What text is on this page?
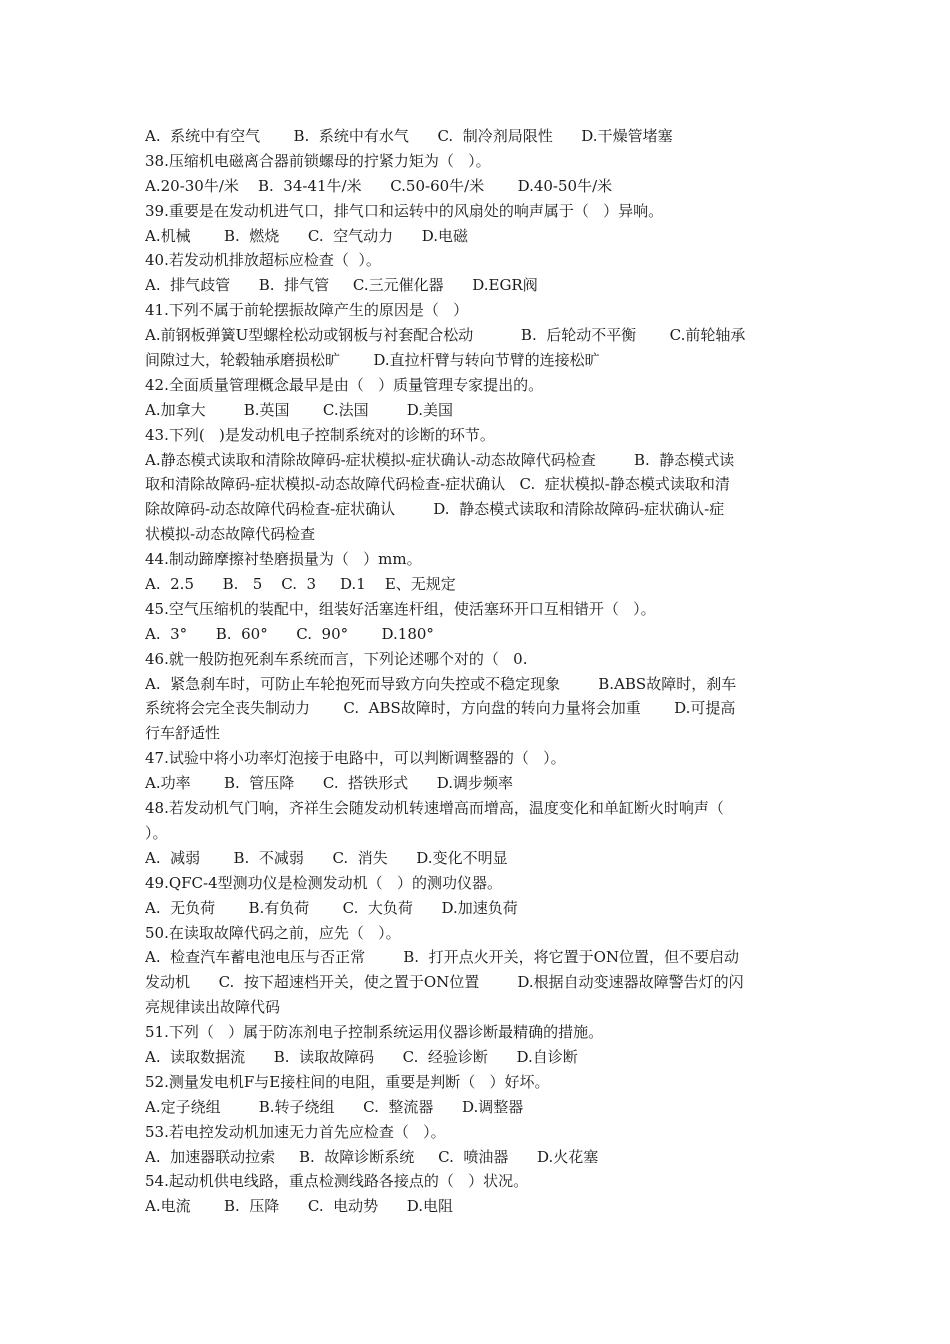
A.  系统中有空气       B.  系统中有水气      C.  制冷剂局限性      D.干燥管堵塞
38.压缩机电磁离合器前锁螺母的拧紧力矩为（   ）。
A.20-30牛/米    B.  34-41牛/米      C.50-60牛/米       D.40-50牛/米
39.重要是在发动机进气口，排气口和运转中的风扇处的响声属于（   ）异响。
A.机械       B.  燃烧      C.  空气动力      D.电磁
40.若发动机排放超标应检查（  ）。
A.  排气歧管      B.  排气管     C.三元催化器      D.EGR阀
41.下列不属于前轮摆振故障产生的原因是（   ）
A.前钢板弹簧U型螺栓松动或钢板与衬套配合松动          B.  后轮动不平衡       C.前轮轴承
间隙过大，轮毂轴承磨损松旷       D.直拉杆臂与转向节臂的连接松旷
42.全面质量管理概念最早是由（   ）质量管理专家提出的。
A.加拿大        B.英国       C.法国        D.美国
43.下列(   )是发动机电子控制系统对的诊断的环节。
A.静态模式读取和清除故障码-症状模拟-症状确认-动态故障代码检查        B.  静态模式读
取和清除故障码-症状模拟-动态故障代码检查-症状确认   C.  症状模拟-静态模式读取和清
除故障码-动态故障代码检查-症状确认        D.  静态模式读取和清除故障码-症状确认-症
状模拟-动态故障代码检查
44.制动蹄摩擦衬垫磨损量为（   ）mm。
A.  2.5      B.   5    C.  3     D.1    E、无规定
45.空气压缩机的装配中，组装好活塞连杆组，使活塞环开口互相错开（   ）。
A.  3°      B.  60°      C.  90°       D.180°
46.就一般防抱死刹车系统而言，下列论述哪个对的（   0.
A.  紧急刹车时，可防止车轮抱死而导致方向失控或不稳定现象        B.ABS故障时，刹车
系统将会完全丧失制动力       C.  ABS故障时，方向盘的转向力量将会加重       D.可提高
行车舒适性
47.试验中将小功率灯泡接于电路中，可以判断调整器的（   ）。
A.功率       B.  管压降      C.  搭铁形式      D.调步频率
48.若发动机气门响，齐祥生会随发动机转速增高而增高，温度变化和单缸断火时响声（
）。
A.  减弱       B.  不减弱      C.  消失      D.变化不明显
49.QFC-4型测功仪是检测发动机（   ）的测功仪器。
A.  无负荷       B.有负荷       C.  大负荷      D.加速负荷
50.在读取故障代码之前，应先（   ）。
A.  检查汽车蓄电池电压与否正常        B.  打开点火开关，将它置于ON位置，但不要启动
发动机      C.  按下超速档开关，使之置于ON位置        D.根据自动变速器故障警告灯的闪
亮规律读出故障代码
51.下列（   ）属于防冻剂电子控制系统运用仪器诊断最精确的措施。
A.  读取数据流      B.  读取故障码      C.  经验诊断      D.自诊断
52.测量发电机F与E接柱间的电阻，重要是判断（   ）好坏。
A.定子绕组        B.转子绕组      C.  整流器      D.调整器
53.若电控发动机加速无力首先应检查（   ）。
A.  加速器联动拉索     B.  故障诊断系统     C.  喷油器      D.火花塞
54.起动机供电线路，重点检测线路各接点的（   ）状况。
A.电流       B.  压降      C.  电动势      D.电阻
